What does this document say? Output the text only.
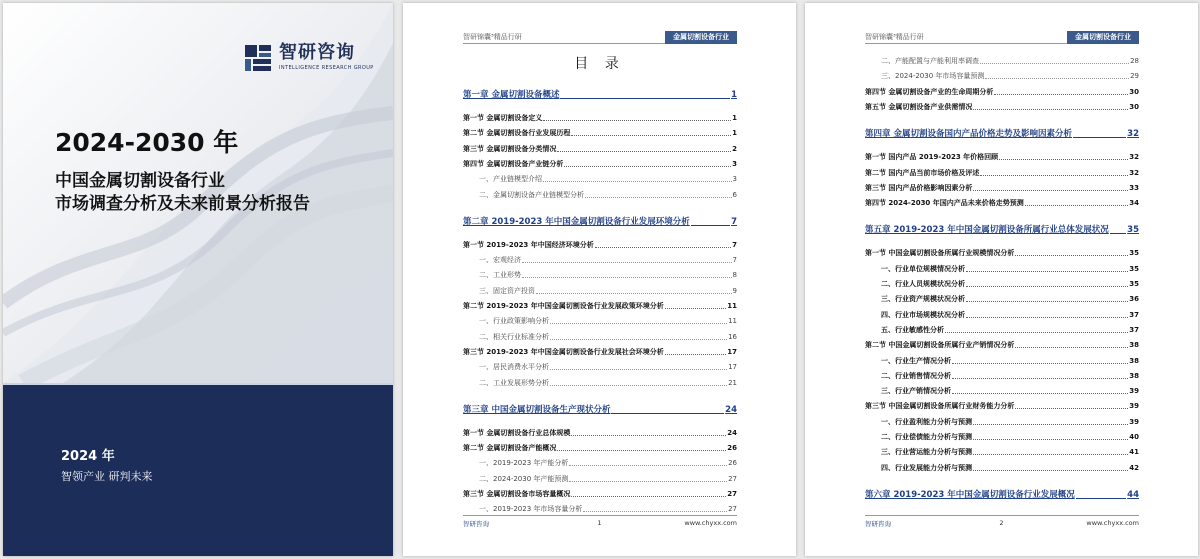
智研咨询
INTELLIGENCE RESEARCH GROUP
2024-2030 年
中国金属切割设备行业
市场调查分析及未来前景分析报告
2024 年
智领产业 研判未来
智研锦囊³精品行研	金属切割设备行业
目 录
第一章 金属切割设备概述	1
第一节 金属切割设备定义	1
第二节 金属切割设备行业发展历程	1
第三节 金属切割设备分类情况	2
第四节 金属切割设备产业链分析	3
一、产业链模型介绍	3
二、金属切割设备产业链模型分析	6
第二章 2019-2023 年中国金属切割设备行业发展环境分析	7
第一节 2019-2023 年中国经济环境分析	7
一、宏观经济	7
二、工业形势	8
三、固定资产投资	9
第二节 2019-2023 年中国金属切割设备行业发展政策环境分析	11
一、行业政策影响分析	11
二、相关行业标准分析	16
第三节 2019-2023 年中国金属切割设备行业发展社会环境分析	17
一、居民消费水平分析	17
二、工业发展形势分析	21
第三章 中国金属切割设备生产现状分析	24
第一节 金属切割设备行业总体规模	24
第二节 金属切割设备产能概况	26
一、2019-2023 年产能分析	26
二、2024-2030 年产能预测	27
第三节 金属切割设备市场容量概况	27
一、2019-2023 年市场容量分析	27
智研咨询	1	www.chyxx.com
智研锦囊³精品行研	金属切割设备行业
二、产能配置与产能利用率调查	28
三、2024-2030 年市场容量预测	29
第四节 金属切割设备产业的生命周期分析	30
第五节 金属切割设备产业供需情况	30
第四章 金属切割设备国内产品价格走势及影响因素分析	32
第一节 国内产品 2019-2023 年价格回顾	32
第二节 国内产品当前市场价格及评述	32
第三节 国内产品价格影响因素分析	33
第四节 2024-2030 年国内产品未来价格走势预测	34
第五章 2019-2023 年中国金属切割设备所属行业总体发展状况 35
第一节 中国金属切割设备所属行业规模情况分析	35
一、行业单位规模情况分析	35
二、行业人员规模状况分析	35
三、行业资产规模状况分析	36
四、行业市场规模状况分析	37
五、行业敏感性分析	37
第二节 中国金属切割设备所属行业产销情况分析	38
一、行业生产情况分析	38
二、行业销售情况分析	38
三、行业产销情况分析	39
第三节 中国金属切割设备所属行业财务能力分析	39
一、行业盈利能力分析与预测	39
二、行业偿债能力分析与预测	40
三、行业营运能力分析与预测	41
四、行业发展能力分析与预测	42
第六章 2019-2023 年中国金属切割设备行业发展概况	44
智研咨询	2	www.chyxx.com
